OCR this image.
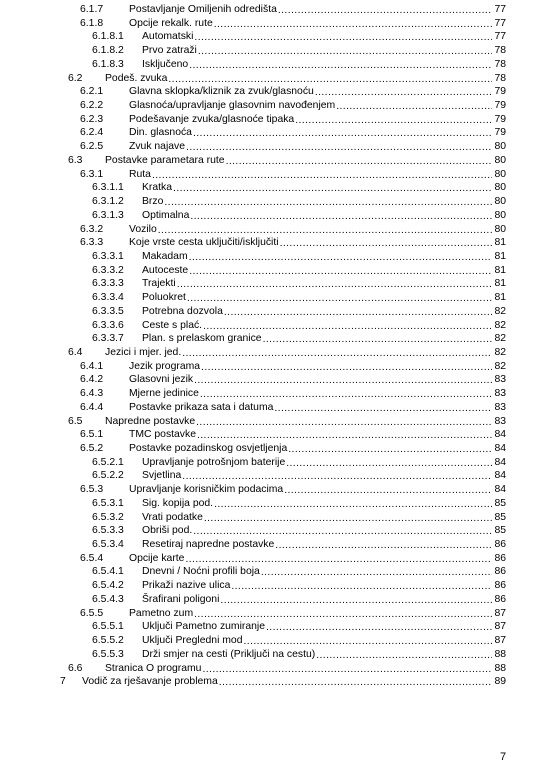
6.1.7 Postavljanje Omiljenih odredišta .....	77
6.1.8 Opcije rekalk. rute .....	77
6.1.8.1 Automatski .....	77
6.1.8.2 Prvo zatraži .....	78
6.1.8.3 Isključeno .....	78
6.2 Podeš. zvuka .....	78
6.2.1 Glavna sklopka/kliznik za zvuk/glasnoću .....	79
6.2.2 Glasnoća/upravljanje glasovnim navođenjem .....	79
6.2.3 Podešavanje zvuka/glasnoće tipaka .....	79
6.2.4 Din. glasnoća .....	79
6.2.5 Zvuk najave .....	80
6.3 Postavke parametara rute .....	80
6.3.1 Ruta .....	80
6.3.1.1 Kratka .....	80
6.3.1.2 Brzo .....	80
6.3.1.3 Optimalna .....	80
6.3.2 Vozilo .....	80
6.3.3 Koje vrste cesta uključiti/isključiti .....	81
6.3.3.1 Makadam .....	81
6.3.3.2 Autoceste .....	81
6.3.3.3 Trajekti .....	81
6.3.3.4 Poluokret .....	81
6.3.3.5 Potrebna dozvola .....	82
6.3.3.6 Ceste s plać. .....	82
6.3.3.7 Plan. s prelaskom granice .....	82
6.4 Jezici i mjer. jed. .....	82
6.4.1 Jezik programa .....	82
6.4.2 Glasovni jezik .....	83
6.4.3 Mjerne jedinice .....	83
6.4.4 Postavke prikaza sata i datuma .....	83
6.5 Napredne postavke .....	83
6.5.1 TMC postavke .....	84
6.5.2 Postavke pozadinskog osvjetljenja .....	84
6.5.2.1 Upravljanje potrošnjom baterije .....	84
6.5.2.2 Svjetlina .....	84
6.5.3 Upravljanje korisničkim podacima .....	84
6.5.3.1 Sig. kopija pod. .....	85
6.5.3.2 Vrati podatke .....	85
6.5.3.3 Obriši pod. .....	85
6.5.3.4 Resetiraj napredne postavke .....	86
6.5.4 Opcije karte .....	86
6.5.4.1 Dnevni / Noćni profili boja .....	86
6.5.4.2 Prikaži nazive ulica .....	86
6.5.4.3 Šrafirani poligoni .....	86
6.5.5 Pametno zum .....	87
6.5.5.1 Uključi Pametno zumiranje .....	87
6.5.5.2 Uključi Pregledni mod .....	87
6.5.5.3 Drži smjer na cesti (Priključi na cestu) .....	88
6.6 Stranica O programu .....	88
7 Vodič za rješavanje problema .....	89
7
